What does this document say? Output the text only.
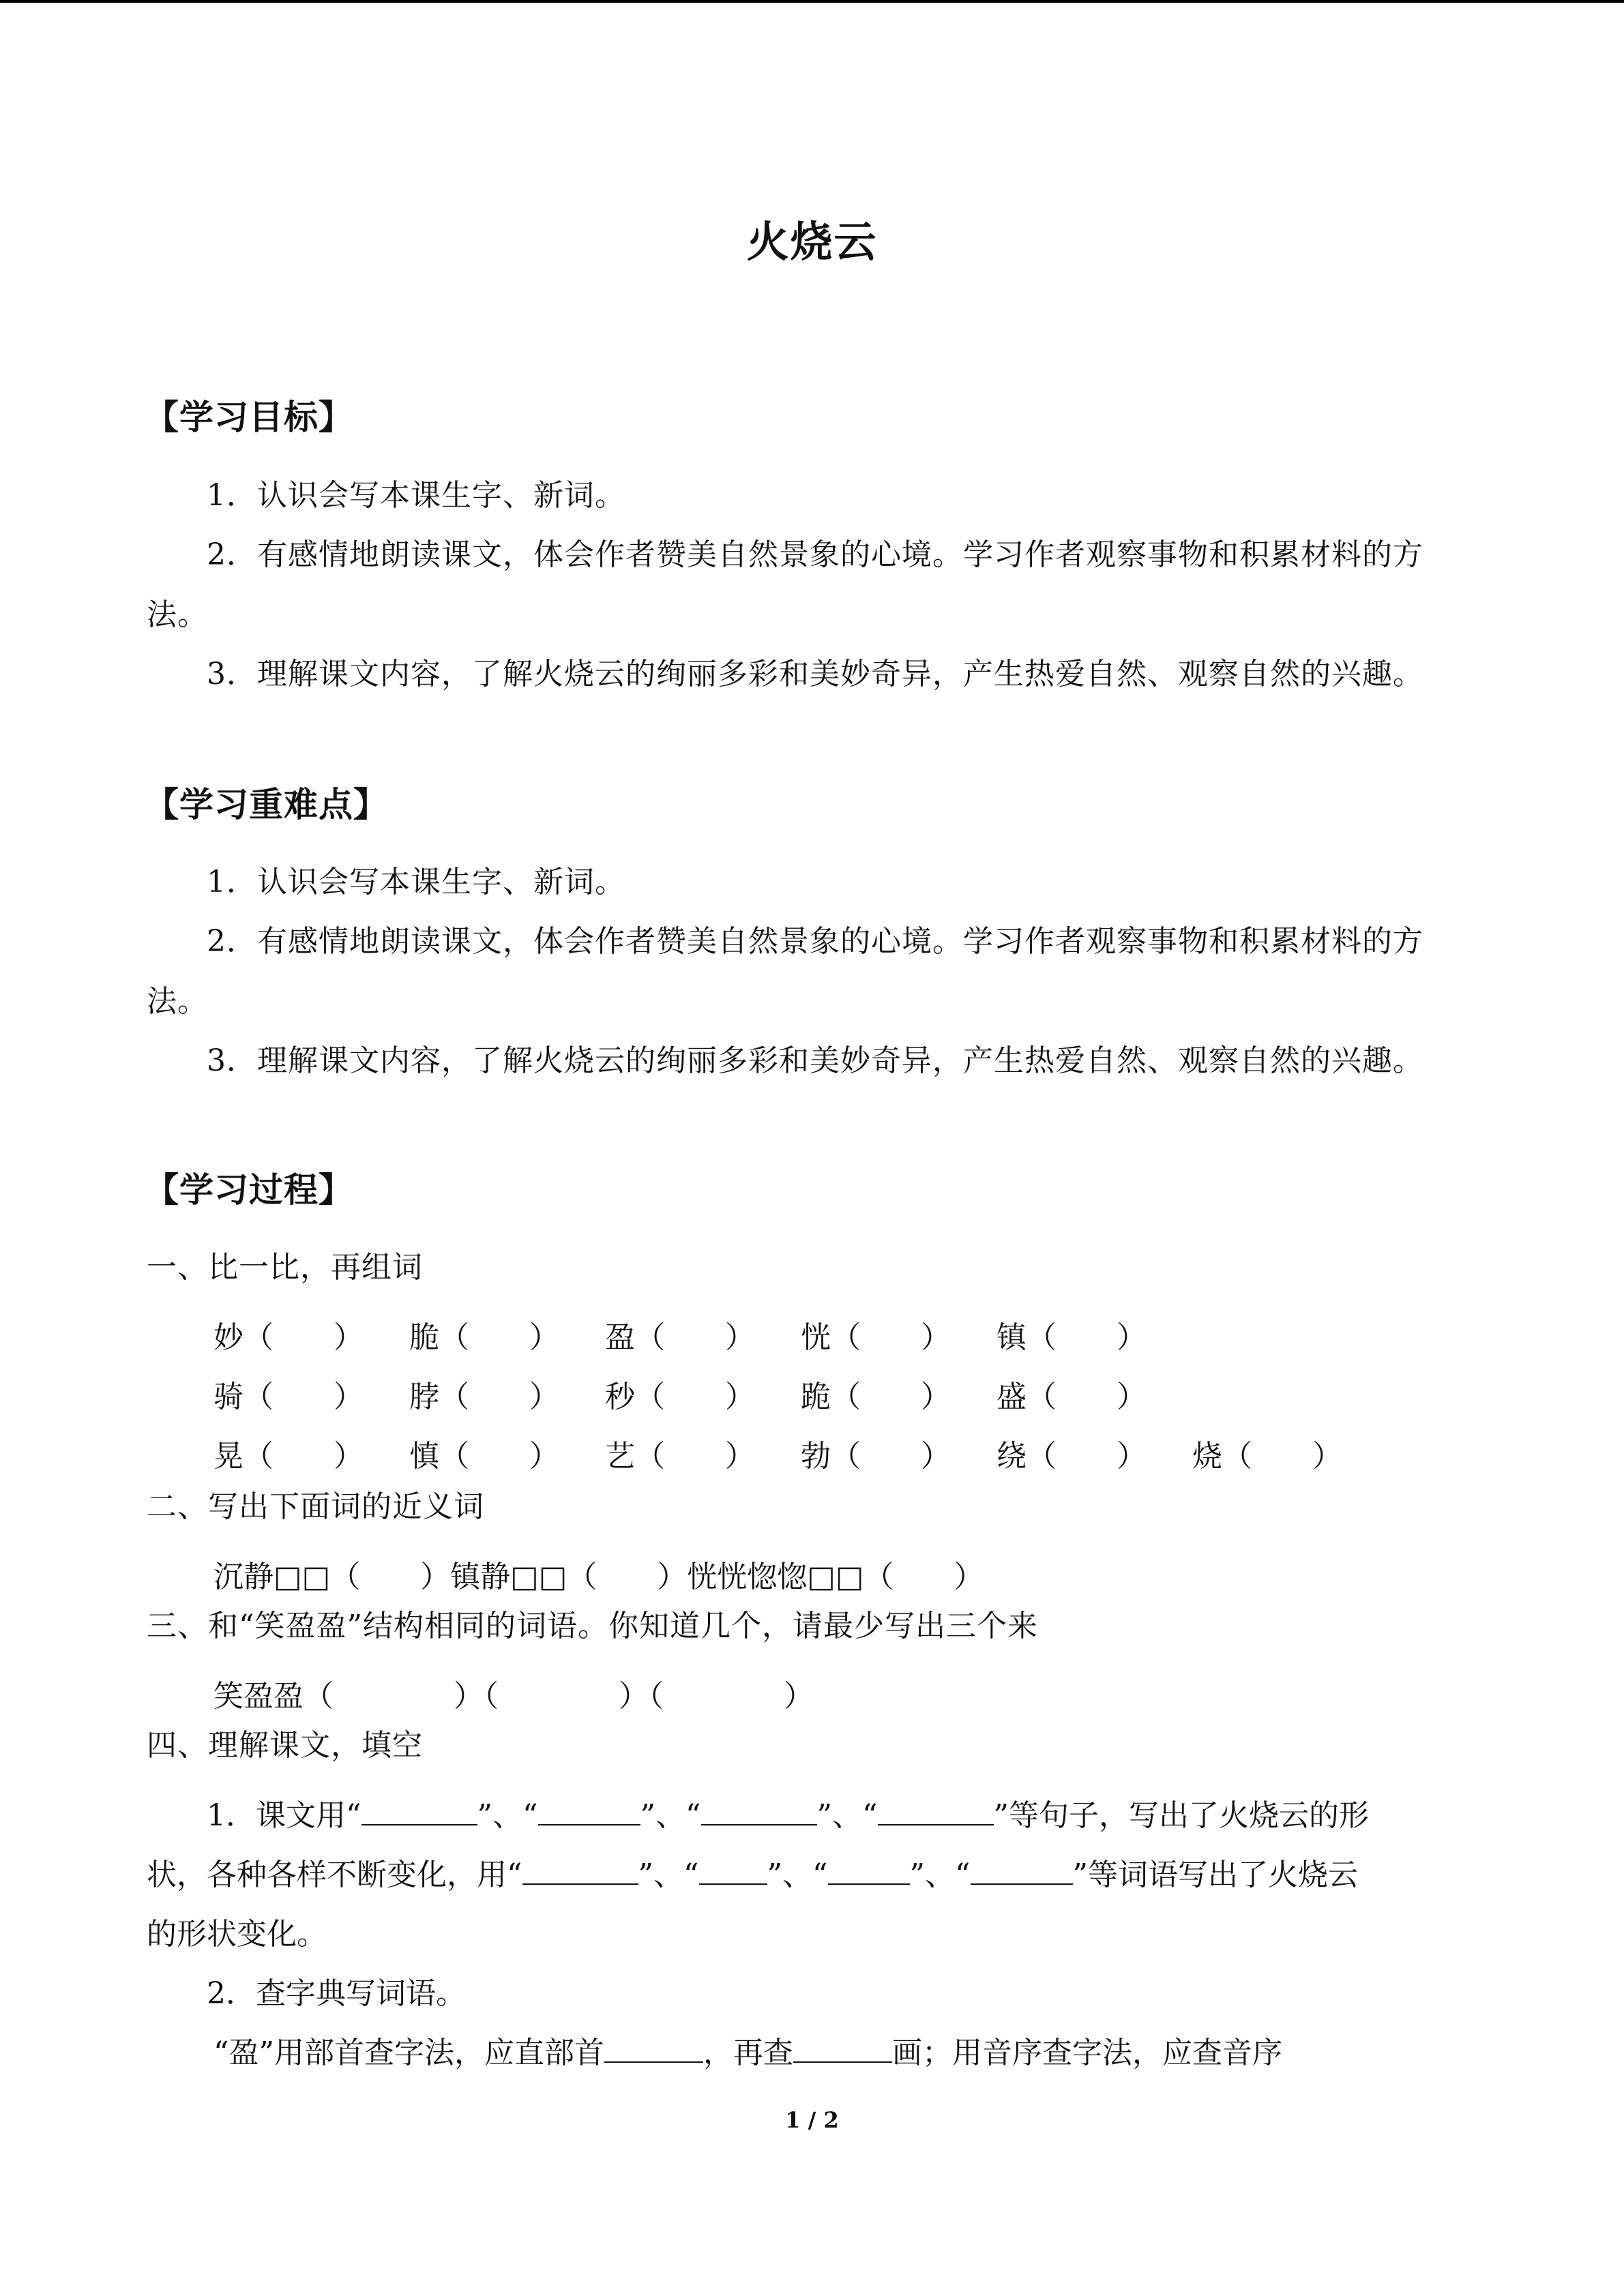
火烧云
【学习目标】
1．认识会写本课生字、新词。
2．有感情地朗读课文，体会作者赞美自然景象的心境。学习作者观察事物和积累材料的方法。
3．理解课文内容，了解火烧云的绚丽多彩和美妙奇异，产生热爱自然、观察自然的兴趣。
【学习重难点】
1．认识会写本课生字、新词。
2．有感情地朗读课文，体会作者赞美自然景象的心境。学习作者观察事物和积累材料的方法。
3．理解课文内容，了解火烧云的绚丽多彩和美妙奇异，产生热爱自然、观察自然的兴趣。
【学习过程】
一、比一比，再组词
妙（　　） 脆（　　） 盈（　　） 恍（　　） 镇（　　）
骑（　　） 脖（　　） 秒（　　） 跪（　　） 盛（　　）
晃（　　） 慎（　　） 艺（　　） 勃（　　） 绕（　　） 烧（　　）
二、写出下面词的近义词
沉静□□（　　）镇静□□（　　）恍恍惚惚□□（　　）
三、和“笑盈盈”结构相同的词语。你知道几个，请最少写出三个来
笑盈盈（　　　　）（　　　　）（　　　　）
四、理解课文，填空
1．课文用“	”、“	”、“	”、“	”等句子，写出了火烧云的形
状，各种各样不断变化，用“	”、“ ”、“	”、“	”等词语写出了火烧云
的形状变化。
2．查字典写词语。
“盈”用部首查字法，应直部首	，再查	画；用音序查字法，应查音序
1 / 2
